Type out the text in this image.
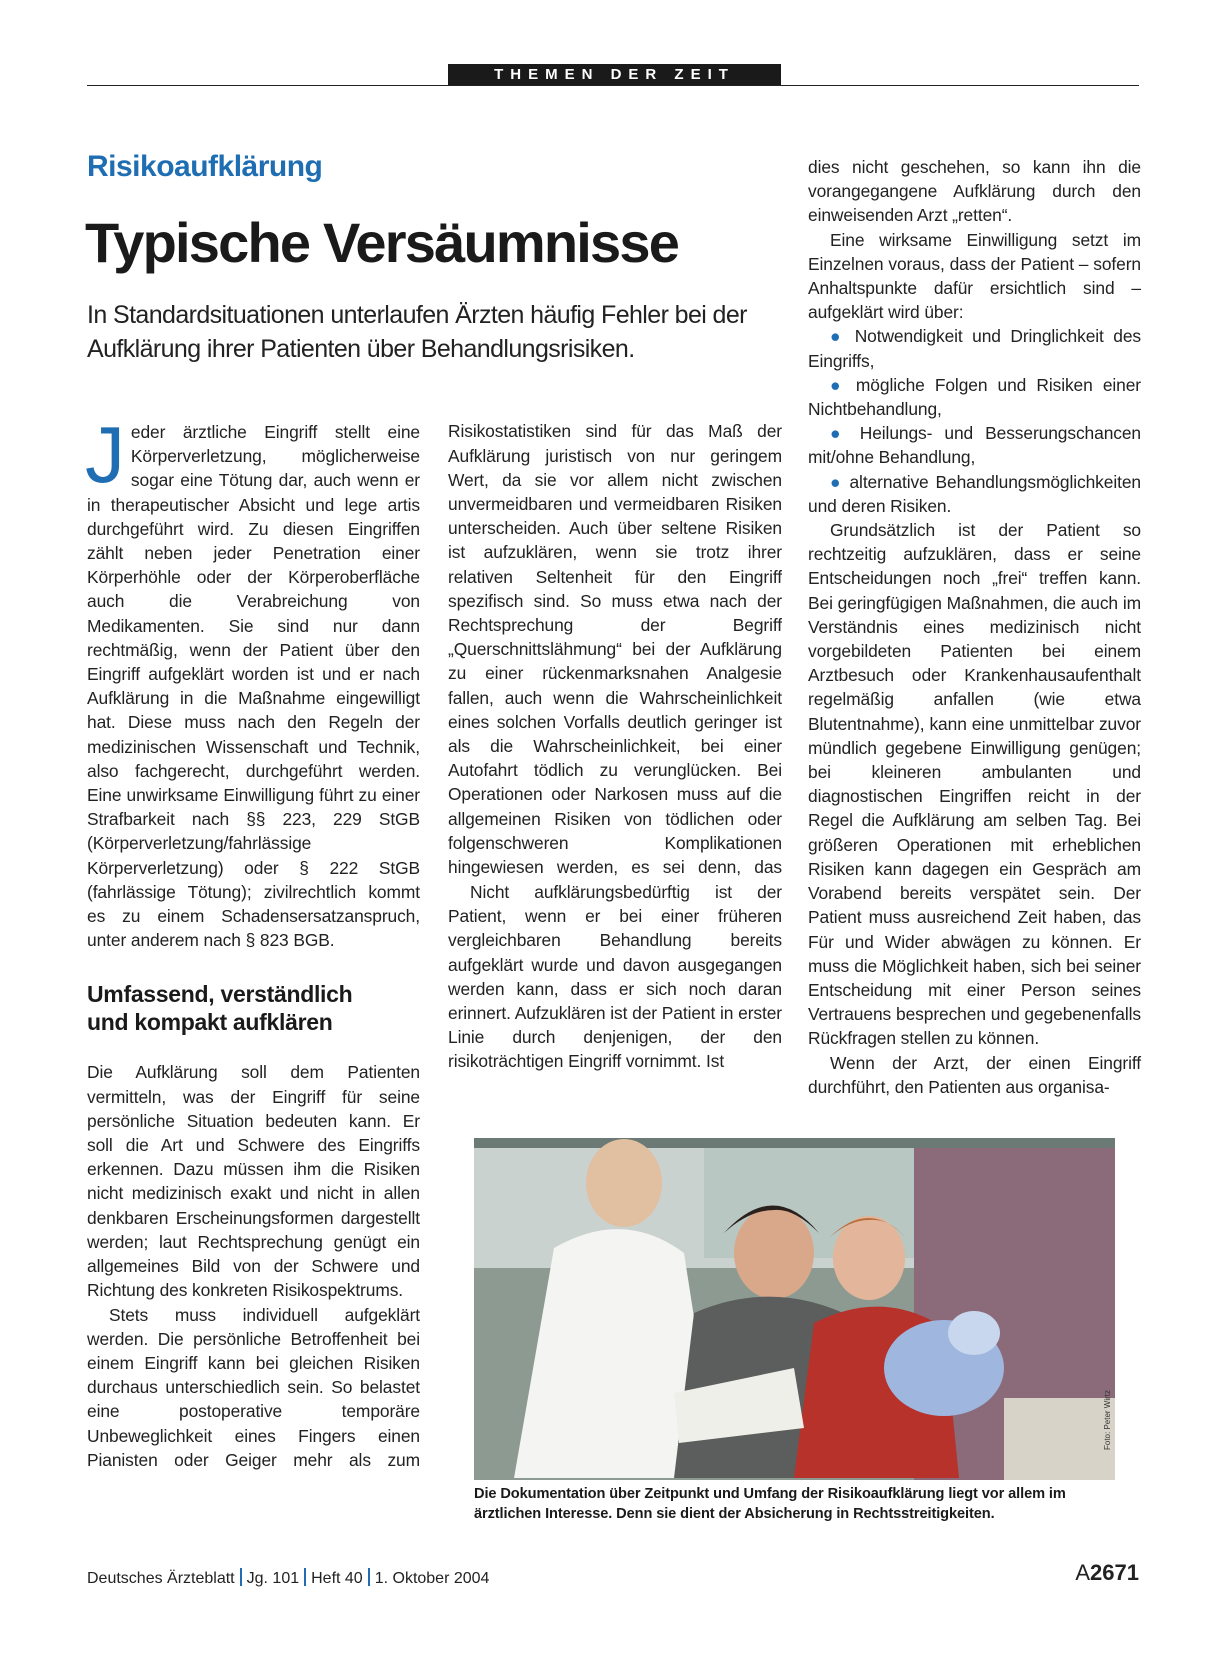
THEMEN DER ZEIT
Risikoaufklärung
Typische Versäumnisse
In Standardsituationen unterlaufen Ärzten häufig Fehler bei der Aufklärung ihrer Patienten über Behandlungsrisiken.

Jeder ärztliche Eingriff stellt eine Körperverletzung, möglicherweise sogar eine Tötung dar, auch wenn er in therapeutischer Absicht und lege artis durchgeführt wird. Zu diesen Eingriffen zählt neben jeder Penetration einer Körperhöhle oder der Körperoberfläche auch die Verabreichung von Medikamenten. Sie sind nur dann rechtmäßig, wenn der Patient über den Eingriff aufgeklärt worden ist und er nach Aufklärung in die Maßnahme eingewilligt hat. Diese muss nach den Regeln der medizinischen Wissenschaft und Technik, also fachgerecht, durchgeführt werden. Eine unwirksame Einwilligung führt zu einer Strafbarkeit nach §§ 223, 229 StGB (Körperverletzung/fahrlässige Körperverletzung) oder § 222 StGB (fahrlässige Tötung); zivilrechtlich kommt es zu einem Schadensersatzanspruch, unter anderem nach § 823 BGB.

Umfassend, verständlich
und kompakt aufklären

Die Aufklärung soll dem Patienten vermitteln, was der Eingriff für seine persönliche Situation bedeuten kann. Er soll die Art und Schwere des Eingriffs erkennen. Dazu müssen ihm die Risiken nicht medizinisch exakt und nicht in allen denkbaren Erscheinungsformen dargestellt werden; laut Rechtsprechung genügt ein allgemeines Bild von der Schwere und Richtung des konkreten Risikospektrums.

Stets muss individuell aufgeklärt werden. Die persönliche Betroffenheit bei einem Eingriff kann bei gleichen Risiken durchaus unterschiedlich sein. So belastet eine postoperative temporäre Unbeweglichkeit eines Fingers einen Pianisten oder Geiger mehr als zum

Risikostatistiken sind für das Maß der Aufklärung juristisch von nur geringem Wert, da sie vor allem nicht zwischen unvermeidbaren und vermeidbaren Risiken unterscheiden. Auch über seltene Risiken ist aufzuklären, wenn sie trotz ihrer relativen Seltenheit für den Eingriff spezifisch sind. So muss etwa nach der Rechtsprechung der Begriff „Querschnittslähmung“ bei der Aufklärung zu einer rückenmarksnahen Analgesie fallen, auch wenn die Wahrscheinlichkeit eines solchen Vorfalls deutlich geringer ist als die Wahrscheinlichkeit, bei einer Autofahrt tödlich zu verunglücken. Bei Operationen oder Narkosen muss auf die allgemeinen Risiken von tödlichen oder folgenschweren Komplikationen hingewiesen werden, es sei denn, das

Nicht aufklärungsbedürftig ist der Patient, wenn er bei einer früheren vergleichbaren Behandlung bereits aufgeklärt wurde und davon ausgegangen werden kann, dass er sich noch daran erinnert. Aufzuklären ist der Patient in erster Linie durch denjenigen, der den risikoträchtigen Eingriff vornimmt. Ist

dies nicht geschehen, so kann ihn die vorangegangene Aufklärung durch den einweisenden Arzt „retten“.

Eine wirksame Einwilligung setzt im Einzelnen voraus, dass der Patient – sofern Anhaltspunkte dafür ersichtlich sind – aufgeklärt wird über:

● Notwendigkeit und Dringlichkeit des Eingriffs,

● mögliche Folgen und Risiken einer Nichtbehandlung,

● Heilungs- und Besserungschancen mit/ohne Behandlung,

● alternative Behandlungsmöglichkeiten und deren Risiken.

Grundsätzlich ist der Patient so rechtzeitig aufzuklären, dass er seine Entscheidungen noch „frei“ treffen kann. Bei geringfügigen Maßnahmen, die auch im Verständnis eines medizinisch nicht vorgebildeten Patienten bei einem Arztbesuch oder Krankenhausaufenthalt regelmäßig anfallen (wie etwa Blutentnahme), kann eine unmittelbar zuvor mündlich gegebene Einwilligung genügen; bei kleineren ambulanten und diagnostischen Eingriffen reicht in der Regel die Aufklärung am selben Tag. Bei größeren Operationen mit erheblichen Risiken kann dagegen ein Gespräch am Vorabend bereits verspätet sein. Der Patient muss ausreichend Zeit haben, das Für und Wider abwägen zu können. Er muss die Möglichkeit haben, sich bei seiner Entscheidung mit einer Person seines Vertrauens besprechen und gegebenenfalls Rückfragen stellen zu können.

Wenn der Arzt, der einen Eingriff durchführt, den Patienten aus organisa-

Foto: Peter Wirtz
Die Dokumentation über Zeitpunkt und Umfang der Risikoaufklärung liegt vor allem im ärztlichen Interesse. Denn sie dient der Absicherung in Rechtsstreitigkeiten.
Deutsches Ärzteblatt Jg. 101 Heft 40 1. Oktober 2004	A2671
